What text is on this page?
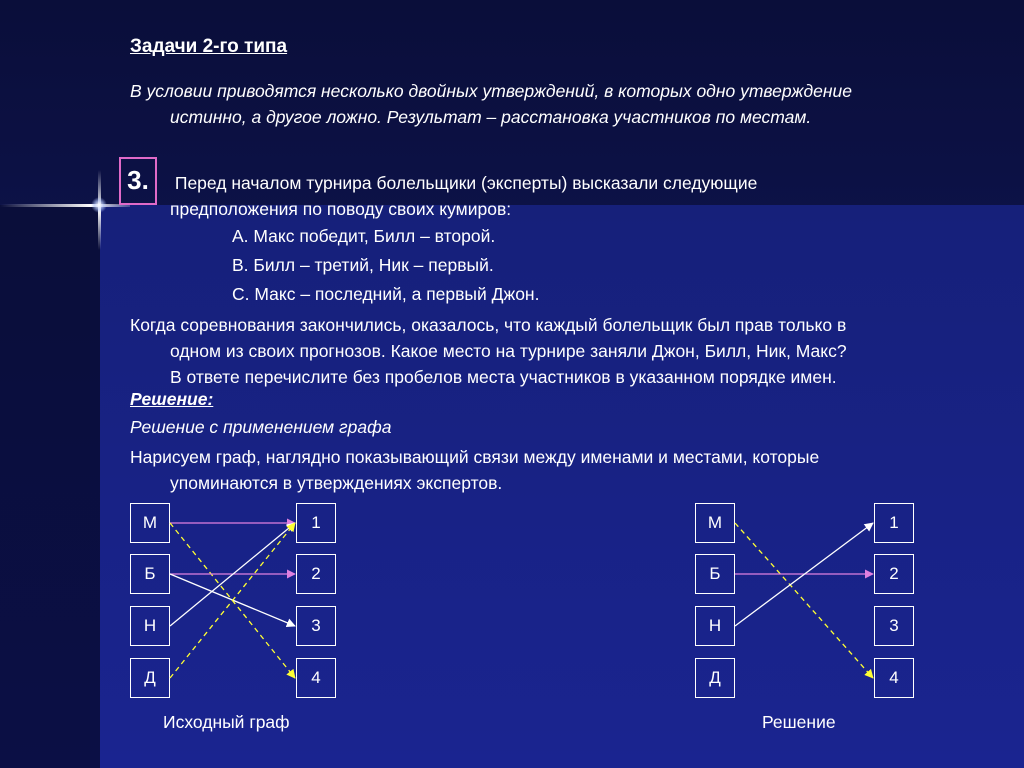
Задачи 2-го типа
В условии приводятся несколько двойных утверждений, в которых одно утверждение
истинно, а другое ложно. Результат – расстановка участников по местам.
3.	Перед началом турнира болельщики (эксперты) высказали следующие
предположения по поводу своих кумиров:
А. Макс победит, Билл – второй.
В. Билл – третий, Ник – первый.
С. Макс – последний, а первый Джон.
Когда соревнования закончились, оказалось, что каждый болельщик был прав только в
одном из своих прогнозов. Какое место на турнире заняли Джон, Билл, Ник, Макс?
В ответе перечислите без пробелов места участников в указанном порядке имен.
Решение:
Решение с применением графа
Нарисуем граф, наглядно показывающий связи между именами и местами, которые
упоминаются в утверждениях экспертов.
М
Б
Н
Д
1
2
3
4
Исходный граф
М
Б
Н
Д
1
2
3
4
Решение
